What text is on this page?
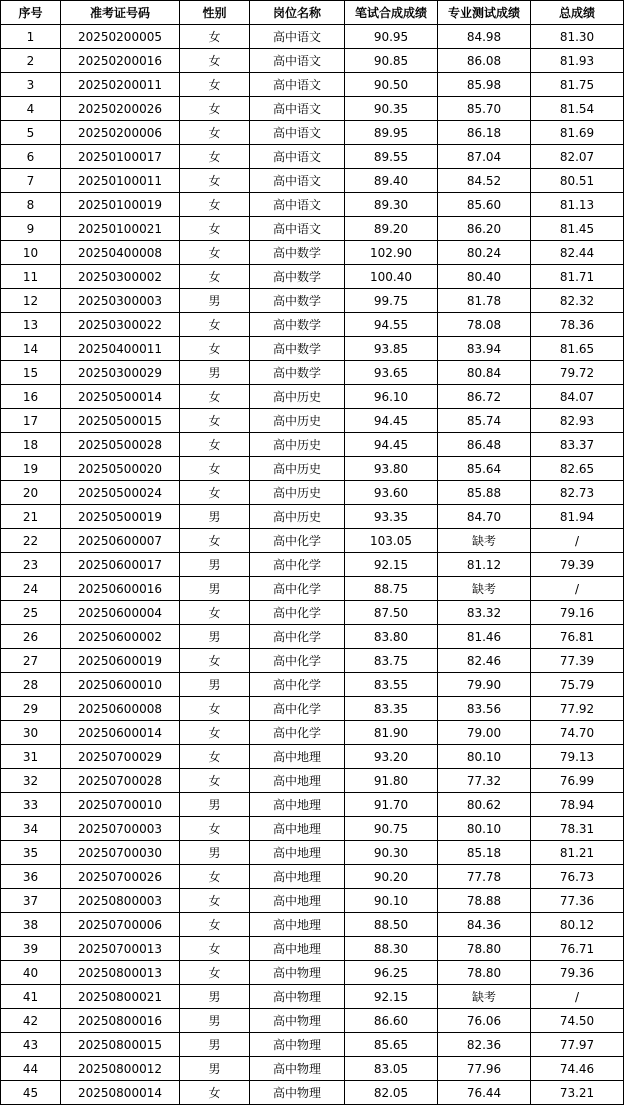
序号	准考证号码	性别	岗位名称	笔试合成成绩	专业测试成绩	总成绩
1	20250200005	女	高中语文	90.95	84.98	81.30
2	20250200016	女	高中语文	90.85	86.08	81.93
3	20250200011	女	高中语文	90.50	85.98	81.75
4	20250200026	女	高中语文	90.35	85.70	81.54
5	20250200006	女	高中语文	89.95	86.18	81.69
6	20250100017	女	高中语文	89.55	87.04	82.07
7	20250100011	女	高中语文	89.40	84.52	80.51
8	20250100019	女	高中语文	89.30	85.60	81.13
9	20250100021	女	高中语文	89.20	86.20	81.45
10	20250400008	女	高中数学	102.90	80.24	82.44
11	20250300002	女	高中数学	100.40	80.40	81.71
12	20250300003	男	高中数学	99.75	81.78	82.32
13	20250300022	女	高中数学	94.55	78.08	78.36
14	20250400011	女	高中数学	93.85	83.94	81.65
15	20250300029	男	高中数学	93.65	80.84	79.72
16	20250500014	女	高中历史	96.10	86.72	84.07
17	20250500015	女	高中历史	94.45	85.74	82.93
18	20250500028	女	高中历史	94.45	86.48	83.37
19	20250500020	女	高中历史	93.80	85.64	82.65
20	20250500024	女	高中历史	93.60	85.88	82.73
21	20250500019	男	高中历史	93.35	84.70	81.94
22	20250600007	女	高中化学	103.05	缺考	/
23	20250600017	男	高中化学	92.15	81.12	79.39
24	20250600016	男	高中化学	88.75	缺考	/
25	20250600004	女	高中化学	87.50	83.32	79.16
26	20250600002	男	高中化学	83.80	81.46	76.81
27	20250600019	女	高中化学	83.75	82.46	77.39
28	20250600010	男	高中化学	83.55	79.90	75.79
29	20250600008	女	高中化学	83.35	83.56	77.92
30	20250600014	女	高中化学	81.90	79.00	74.70
31	20250700029	女	高中地理	93.20	80.10	79.13
32	20250700028	女	高中地理	91.80	77.32	76.99
33	20250700010	男	高中地理	91.70	80.62	78.94
34	20250700003	女	高中地理	90.75	80.10	78.31
35	20250700030	男	高中地理	90.30	85.18	81.21
36	20250700026	女	高中地理	90.20	77.78	76.73
37	20250800003	女	高中地理	90.10	78.88	77.36
38	20250700006	女	高中地理	88.50	84.36	80.12
39	20250700013	女	高中地理	88.30	78.80	76.71
40	20250800013	女	高中物理	96.25	78.80	79.36
41	20250800021	男	高中物理	92.15	缺考	/
42	20250800016	男	高中物理	86.60	76.06	74.50
43	20250800015	男	高中物理	85.65	82.36	77.97
44	20250800012	男	高中物理	83.05	77.96	74.46
45	20250800014	女	高中物理	82.05	76.44	73.21
